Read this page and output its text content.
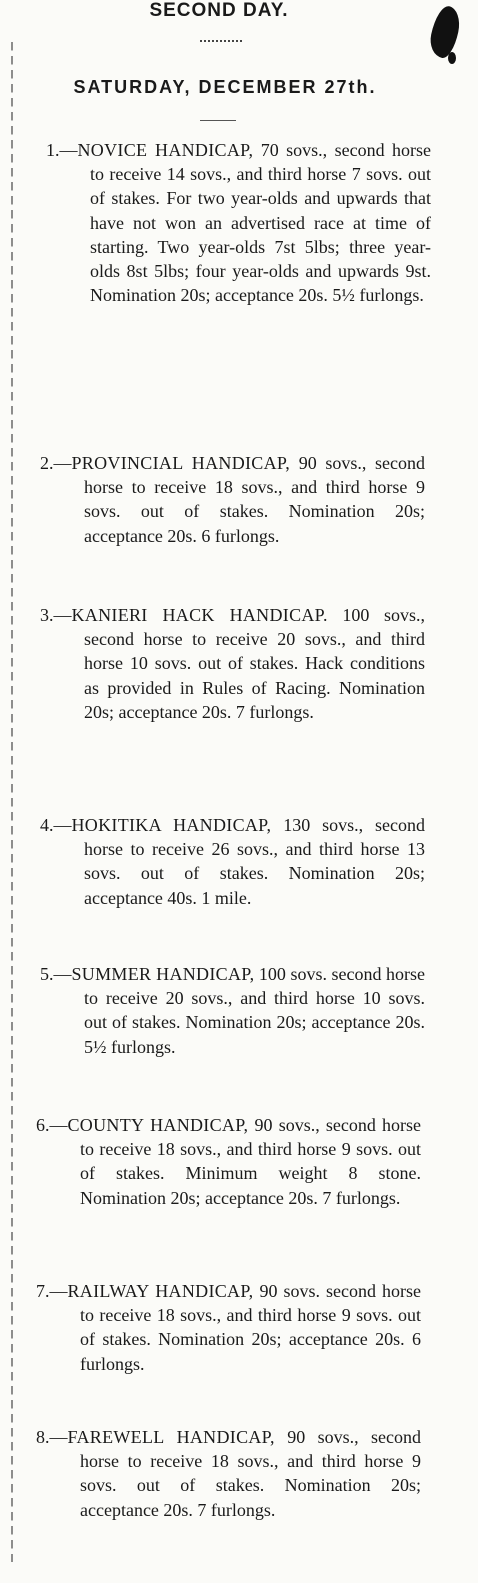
SECOND DAY.
SATURDAY, DECEMBER 27th.

1.—NOVICE HANDICAP, 70 sovs., second horse to receive 14 sovs., and third horse 7 sovs. out of stakes. For two year-olds and upwards that have not won an advertised race at time of starting. Two year-olds 7st 5lbs; three year-olds 8st 5lbs; four year-olds and upwards 9st. Nomination 20s; acceptance 20s. 5½ furlongs.

2.—PROVINCIAL HANDICAP, 90 sovs., second horse to receive 18 sovs., and third horse 9 sovs. out of stakes. Nomination 20s; acceptance 20s. 6 furlongs.

3.—KANIERI HACK HANDICAP. 100 sovs., second horse to receive 20 sovs., and third horse 10 sovs. out of stakes. Hack conditions as provided in Rules of Racing. Nomination 20s; acceptance 20s. 7 furlongs.

4.—HOKITIKA HANDICAP, 130 sovs., second horse to receive 26 sovs., and third horse 13 sovs. out of stakes. Nomination 20s; acceptance 40s. 1 mile.

5.—SUMMER HANDICAP, 100 sovs. second horse to receive 20 sovs., and third horse 10 sovs. out of stakes. Nomination 20s; acceptance 20s. 5½ furlongs.

6.—COUNTY HANDICAP, 90 sovs., second horse to receive 18 sovs., and third horse 9 sovs. out of stakes. Minimum weight 8 stone. Nomination 20s; acceptance 20s. 7 furlongs.

7.—RAILWAY HANDICAP, 90 sovs. second horse to receive 18 sovs., and third horse 9 sovs. out of stakes. Nomination 20s; acceptance 20s. 6 furlongs.

8.—FAREWELL HANDICAP, 90 sovs., second horse to receive 18 sovs., and third horse 9 sovs. out of stakes. Nomination 20s; acceptance 20s. 7 furlongs.
